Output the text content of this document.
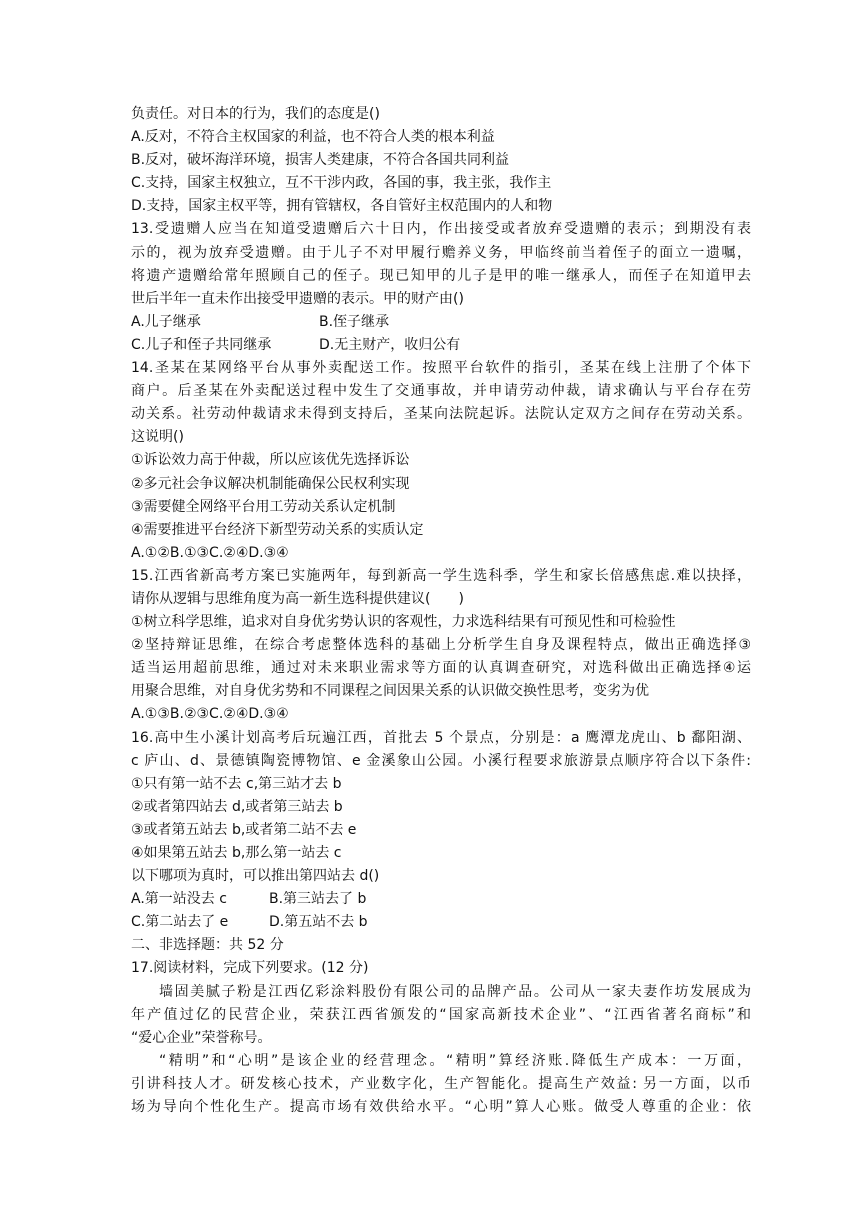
负责任。对日本的行为，我们的态度是()
A.反对，不符合主权国家的利益，也不符合人类的根本利益
B.反对，破坏海洋环境，损害人类建康，不符合各国共同利益
C.支持，国家主权独立，互不干涉内政，各国的事，我主张，我作主
D.支持，国家主权平等，拥有管辖权，各自管好主权范围内的人和物
13.受遗赠人应当在知道受遗赠后六十日内，作出接受或者放弃受遗赠的表示；到期没有表
示的，视为放弃受遗赠。由于儿子不对甲履行赡养义务，甲临终前当着侄子的面立一遗嘱，
将遗产遗赠给常年照顾自己的侄子。现已知甲的儿子是甲的唯一继承人，而侄子在知道甲去
世后半年一直未作出接受甲遗赠的表示。甲的财产由()
A.儿子继承	B.侄子继承
C.儿子和侄子共同继承	D.无主财产，收归公有
14.圣某在某网络平台从事外卖配送工作。按照平台软件的指引，圣某在线上注册了个体下
商户。后圣某在外卖配送过程中发生了交通事故，并申请劳动仲裁，请求确认与平台存在劳
动关系。社劳动仲裁请求未得到支持后，圣某向法院起诉。法院认定双方之间存在劳动关系。
这说明()
①诉讼效力高于仲裁，所以应该优先选择诉讼
②多元社会争议解决机制能确保公民权利实现
③需要健全网络平台用工劳动关系认定机制
④需要推进平台经济下新型劳动关系的实质认定
A.①②B.①③C.②④D.③④
15.江西省新高考方案已实施两年，每到新高一学生选科季，学生和家长倍感焦虑.难以抉择，
请你从逻辑与思维角度为高一新生选科提供建议(　　)
①树立科学思维，追求对自身优劣势认识的客观性，力求选科结果有可预见性和可检验性
②坚持辩证思维，在综合考虑整体选科的基础上分析学生自身及课程特点，做出正确选择③
适当运用超前思维，通过对未来职业需求等方面的认真调查研究，对选科做出正确选择④运
用聚合思维，对自身优劣势和不同课程之间因果关系的认识做交换性思考，变劣为优
A.①③B.②③C.②④D.③④
16.高中生小溪计划高考后玩遍江西，首批去 5 个景点，分别是：a 鹰潭龙虎山、b 鄱阳湖、
c 庐山、d、景德镇陶瓷博物馆、e 金溪象山公园。小溪行程要求旅游景点顺序符合以下条件:
①只有第一站不去 c,第三站才去 b
②或者第四站去 d,或者第三站去 b
③或者第五站去 b,或者第二站不去 e
④如果第五站去 b,那么第一站去 c
以下哪项为真时，可以推出第四站去 d()
A.第一站没去 c	B.第三站去了 b
C.第二站去了 e	D.第五站不去 b
二、非选择题：共 52 分
17.阅读材料，完成下列要求。(12 分)
墙固美腻子粉是江西亿彩涂料股份有限公司的品牌产品。公司从一家夫妻作坊发展成为
年产值过亿的民营企业，荣获江西省颁发的“国家高新技术企业”、“江西省著名商标”和
“爱心企业”荣誉称号。
“精明”和“心明”是该企业的经营理念。“精明”算经济账.降低生产成本：一万面，
引讲科技人才。研发核心技术，产业数字化，生产智能化。提高生产效益: 另一方面，以币
场为导向个性化生产。提高市场有效供给水平。“心明”算人心账。做受人尊重的企业：依
